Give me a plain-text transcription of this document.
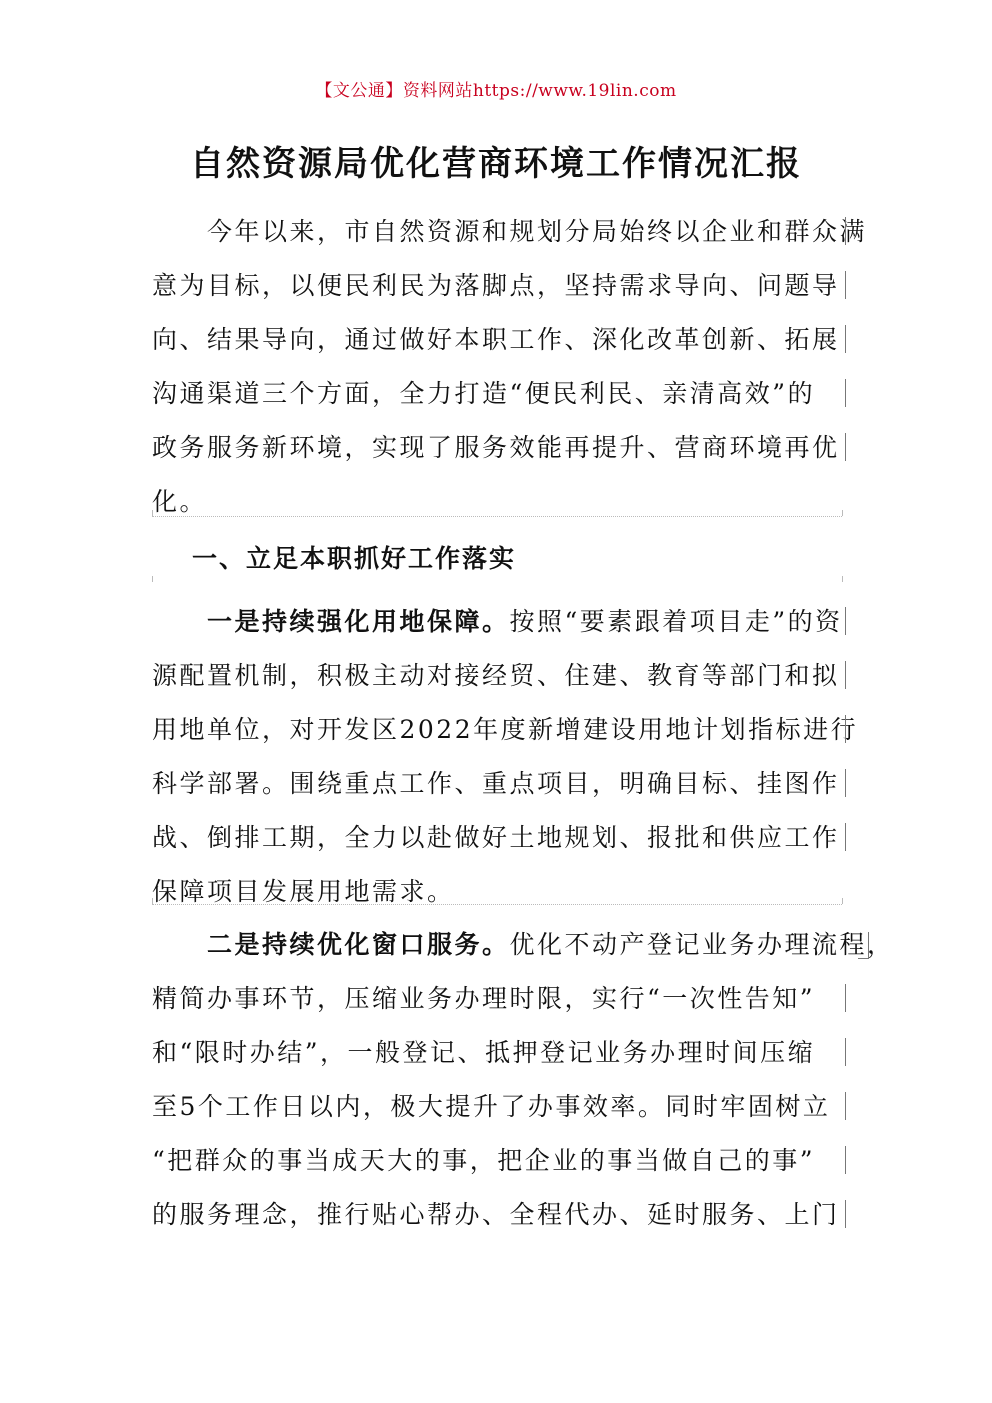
【文公通】资料网站https://www.19lin.com
自然资源局优化营商环境工作情况汇报
　　今年以来，市自然资源和规划分局始终以企业和群众满
意为目标，以便民利民为落脚点，坚持需求导向、问题导
向、结果导向，通过做好本职工作、深化改革创新、拓展
沟通渠道三个方面，全力打造“便民利民、亲清高效”的
政务服务新环境，实现了服务效能再提升、营商环境再优
化。
一、立足本职抓好工作落实
　　一是持续强化用地保障。按照“要素跟着项目走”的资
源配置机制，积极主动对接经贸、住建、教育等部门和拟
用地单位，对开发区2022年度新增建设用地计划指标进行
科学部署。围绕重点工作、重点项目，明确目标、挂图作
战、倒排工期，全力以赴做好土地规划、报批和供应工作
保障项目发展用地需求。
　　二是持续优化窗口服务。优化不动产登记业务办理流程，
精简办事环节，压缩业务办理时限，实行“一次性告知”
和“限时办结”，一般登记、抵押登记业务办理时间压缩
至5个工作日以内，极大提升了办事效率。同时牢固树立
“把群众的事当成天大的事，把企业的事当做自己的事”
的服务理念，推行贴心帮办、全程代办、延时服务、上门
